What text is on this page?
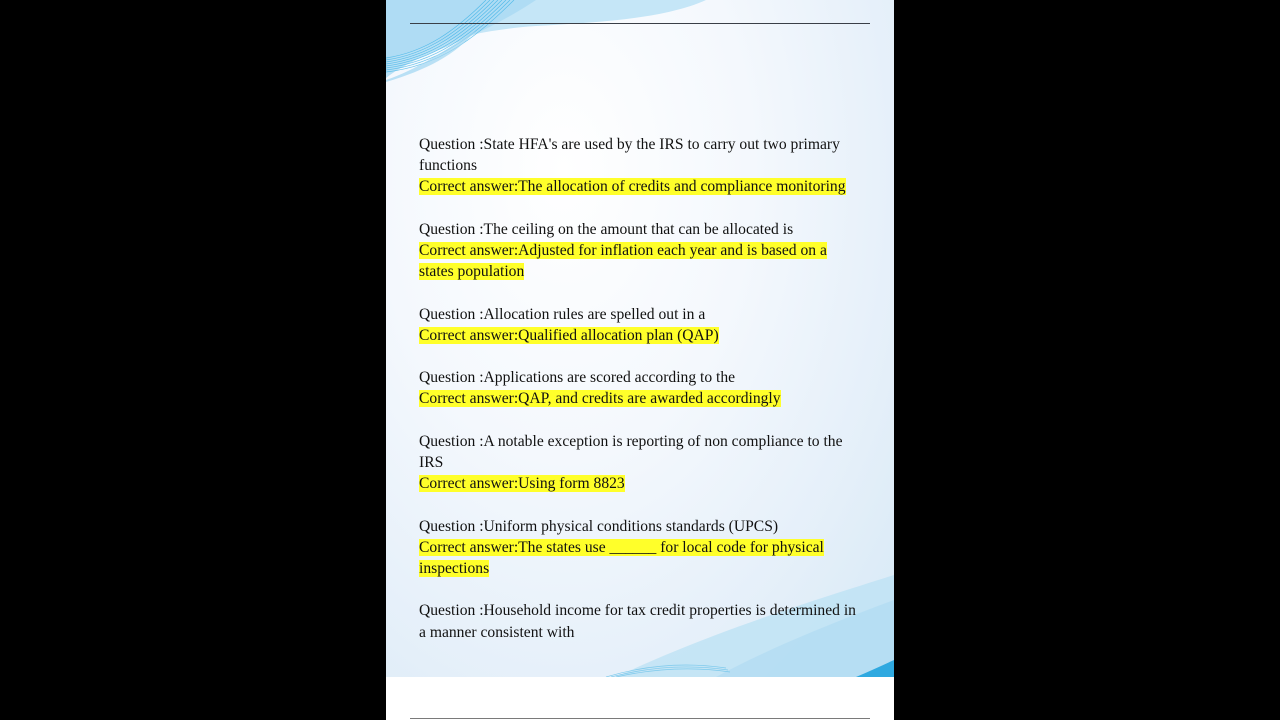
Question :State HFA's are used by the IRS to carry out two primary functions
Correct answer:The allocation of credits and compliance monitoring
Question :The ceiling on the amount that can be allocated is
Correct answer:Adjusted for inflation each year and is based on a states population
Question :Allocation rules are spelled out in a
Correct answer:Qualified allocation plan (QAP)
Question :Applications are scored according to the
Correct answer:QAP, and credits are awarded accordingly
Question :A notable exception is reporting of non compliance to the IRS
Correct answer:Using form 8823
Question :Uniform physical conditions standards (UPCS)
Correct answer:The states use ______ for local code for physical inspections
Question :Household income for tax credit properties is determined in a manner consistent with
